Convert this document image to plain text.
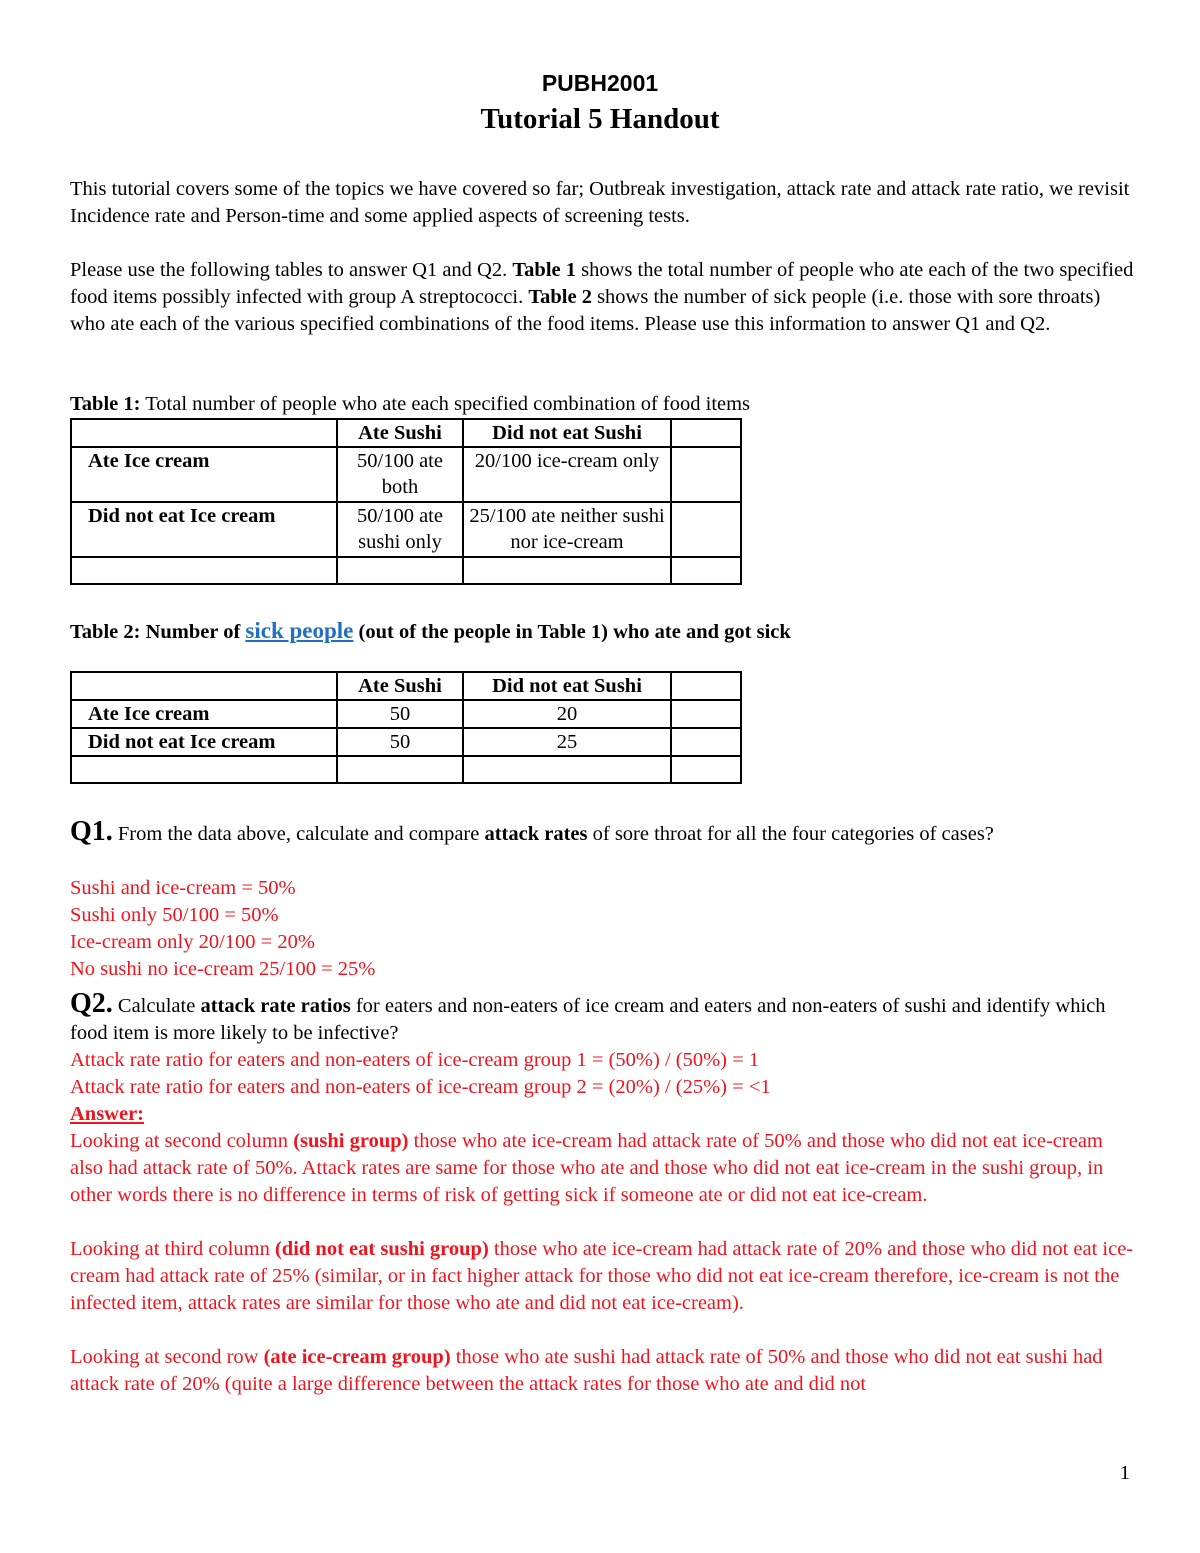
PUBH2001
Tutorial 5 Handout

This tutorial covers some of the topics we have covered so far; Outbreak investigation, attack rate and attack rate ratio, we revisit Incidence rate and Person-time and some applied aspects of screening tests.

Please use the following tables to answer Q1 and Q2. Table 1 shows the total number of people who ate each of the two specified food items possibly infected with group A streptococci. Table 2 shows the number of sick people (i.e. those with sore throats) who ate each of the various specified combinations of the food items. Please use this information to answer Q1 and Q2.

Table 1: Total number of people who ate each specified combination of food items
	Ate Sushi	Did not eat Sushi	
Ate Ice cream	50/100 ate both	20/100 ice-cream only	
Did not eat Ice cream	50/100 ate sushi only	25/100 ate neither sushi nor ice-cream	

Table 2: Number of sick people (out of the people in Table 1) who ate and got sick
	Ate Sushi	Did not eat Sushi	
Ate Ice cream	50	20	
Did not eat Ice cream	50	25	

Q1. From the data above, calculate and compare attack rates of sore throat for all the four categories of cases?

Sushi and ice-cream = 50%
Sushi only 50/100 = 50%
Ice-cream only 20/100 = 20%
No sushi no ice-cream 25/100 = 25%

Q2. Calculate attack rate ratios for eaters and non-eaters of ice cream and eaters and non-eaters of sushi and identify which food item is more likely to be infective?

Attack rate ratio for eaters and non-eaters of ice-cream group 1 = (50%) / (50%) = 1
Attack rate ratio for eaters and non-eaters of ice-cream group 2 = (20%) / (25%) = <1
Answer:
Looking at second column (sushi group) those who ate ice-cream had attack rate of 50% and those who did not eat ice-cream also had attack rate of 50%. Attack rates are same for those who ate and those who did not eat ice-cream in the sushi group, in other words there is no difference in terms of risk of getting sick if someone ate or did not eat ice-cream.
Looking at third column (did not eat sushi group) those who ate ice-cream had attack rate of 20% and those who did not eat ice-cream had attack rate of 25% (similar, or in fact higher attack for those who did not eat ice-cream therefore, ice-cream is not the infected item, attack rates are similar for those who ate and did not eat ice-cream).
Looking at second row (ate ice-cream group) those who ate sushi had attack rate of 50% and those who did not eat sushi had attack rate of 20% (quite a large difference between the attack rates for those who ate and did not
1
